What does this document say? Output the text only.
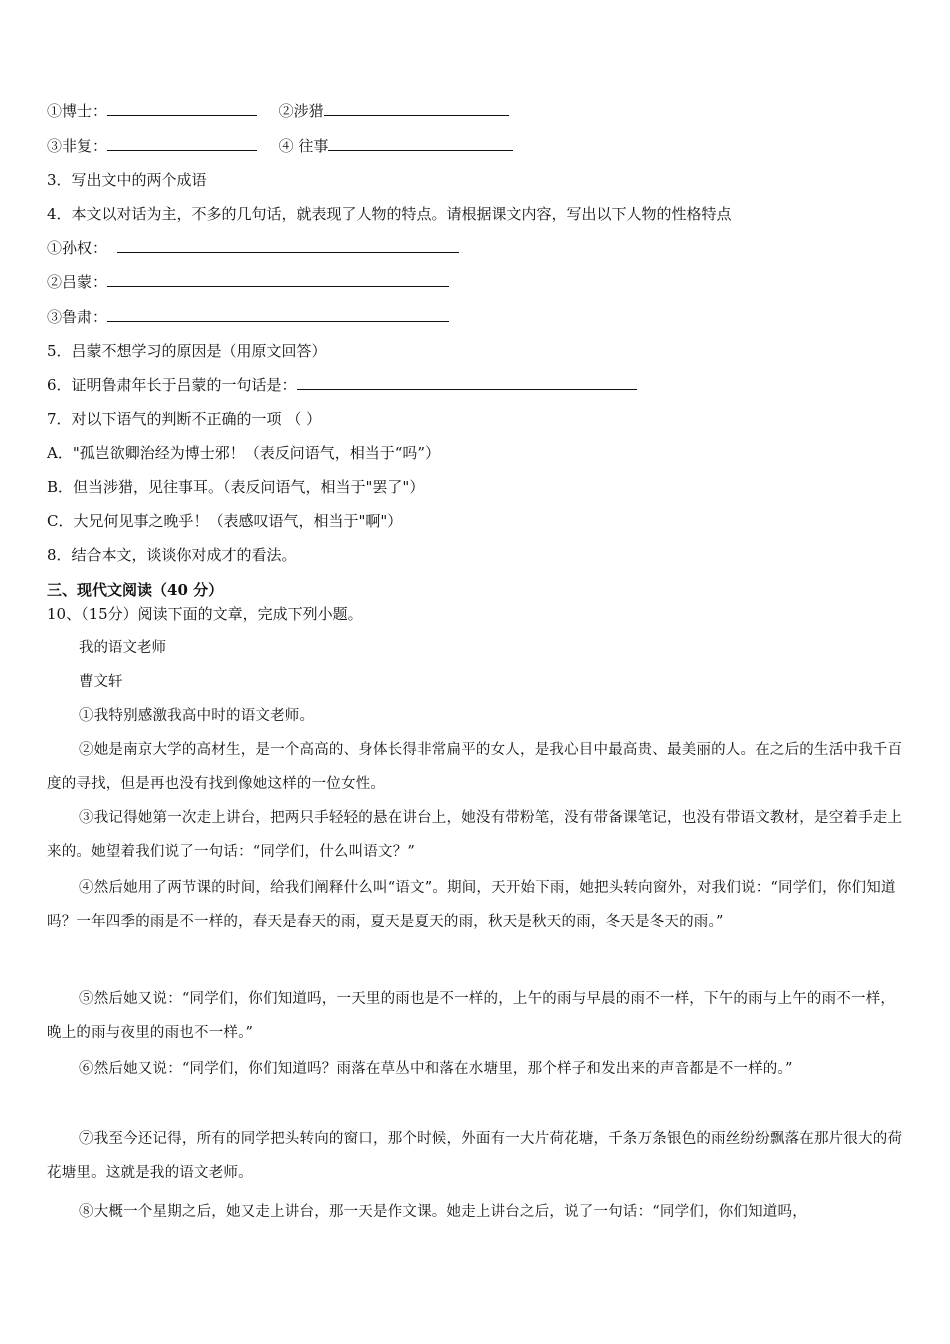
①博士：	②涉猎
③非复：	④ 往事
3．写出文中的两个成语
4．本文以对话为主，不多的几句话，就表现了人物的特点。请根据课文内容，写出以下人物的性格特点
①孙权：
②吕蒙：
③鲁肃：
5．吕蒙不想学习的原因是（用原文回答）
6．证明鲁肃年长于吕蒙的一句话是：
7．对以下语气的判断不正确的一项 （ ）
A．"孤岂欲卿治经为博士邪！（表反问语气，相当于“吗”）
B．但当涉猎，见往事耳。（表反问语气，相当于"罢了"）
C．大兄何见事之晚乎！（表感叹语气，相当于"啊"）
8．结合本文，谈谈你对成才的看法。
三、现代文阅读（40 分）
10、（15分）阅读下面的文章，完成下列小题。
我的语文老师
曹文轩
①我特别感激我高中时的语文老师。
②她是南京大学的高材生，是一个高高的、身体长得非常扁平的女人，是我心目中最高贵、最美丽的人。在之后的生活中我千百度的寻找，但是再也没有找到像她这样的一位女性。
③我记得她第一次走上讲台，把两只手轻轻的悬在讲台上，她没有带粉笔，没有带备课笔记，也没有带语文教材，是空着手走上来的。她望着我们说了一句话：“同学们，什么叫语文？”
④然后她用了两节课的时间，给我们阐释什么叫“语文”。期间，天开始下雨，她把头转向窗外，对我们说：“同学们，你们知道吗？一年四季的雨是不一样的，春天是春天的雨，夏天是夏天的雨，秋天是秋天的雨，冬天是冬天的雨。”
⑤然后她又说：“同学们，你们知道吗，一天里的雨也是不一样的，上午的雨与早晨的雨不一样，下午的雨与上午的雨不一样，晚上的雨与夜里的雨也不一样。”
⑥然后她又说：“同学们，你们知道吗？雨落在草丛中和落在水塘里，那个样子和发出来的声音都是不一样的。”
⑦我至今还记得，所有的同学把头转向的窗口，那个时候，外面有一大片荷花塘，千条万条银色的雨丝纷纷飘落在那片很大的荷花塘里。这就是我的语文老师。
⑧大概一个星期之后，她又走上讲台，那一天是作文课。她走上讲台之后，说了一句话：“同学们，你们知道吗，
